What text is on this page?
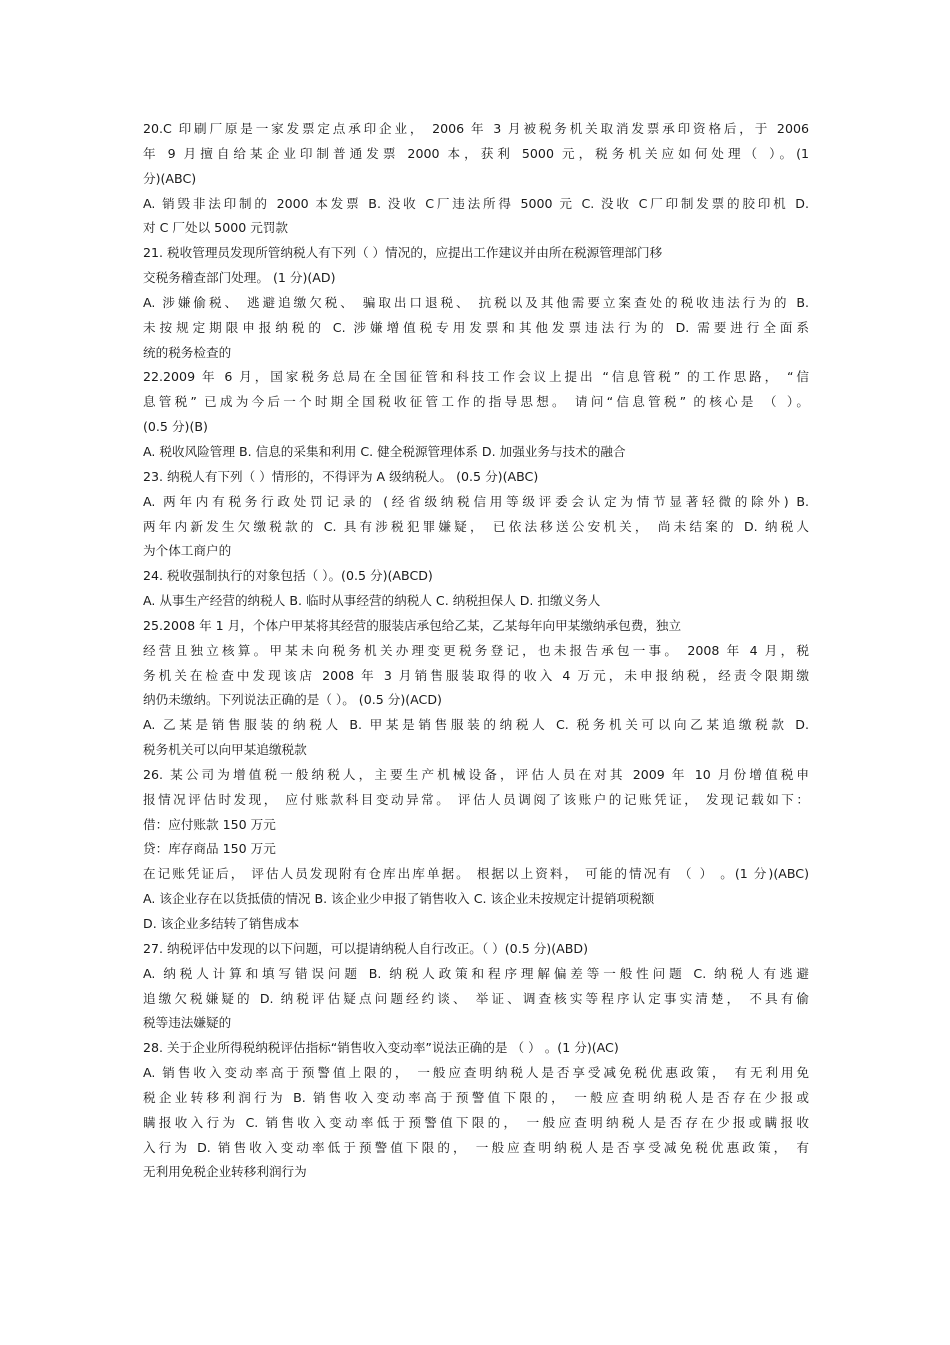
20.C 印刷厂原是一家发票定点承印企业， 2006 年 3 月被税务机关取消发票承印资格后，于 2006
年 9 月擅自给某企业印制普通发票 2000 本，获利 5000 元，税务机关应如何处理（ ）。(1
分)(ABC)
A. 销毁非法印制的 2000 本发票 B. 没收 C厂违法所得 5000 元 C. 没收 C厂印制发票的胶印机 D.
对 C 厂处以 5000 元罚款
21. 税收管理员发现所管纳税人有下列（ ）情况的，应提出工作建议并由所在税源管理部门移
交税务稽查部门处理。 (1 分)(AD)
A. 涉嫌偷税、 逃避追缴欠税、 骗取出口退税、 抗税以及其他需要立案查处的税收违法行为的 B.
未按规定期限申报纳税的 C. 涉嫌增值税专用发票和其他发票违法行为的 D. 需要进行全面系
统的税务检查的
22.2009 年 6 月，国家税务总局在全国征管和科技工作会议上提出 “信息管税” 的工作思路， “信
息管税” 已成为今后一个时期全国税收征管工作的指导思想。 请问“信息管税” 的核心是 （ ）。
(0.5 分)(B)
A. 税收风险管理 B. 信息的采集和利用 C. 健全税源管理体系 D. 加强业务与技术的融合
23. 纳税人有下列（ ）情形的，不得评为 A 级纳税人。 (0.5 分)(ABC)
A. 两年内有税务行政处罚记录的 (经省级纳税信用等级评委会认定为情节显著轻微的除外) B.
两年内新发生欠缴税款的 C. 具有涉税犯罪嫌疑， 已依法移送公安机关， 尚未结案的 D. 纳税人
为个体工商户的
24. 税收强制执行的对象包括（ ）。(0.5 分)(ABCD)
A. 从事生产经营的纳税人 B. 临时从事经营的纳税人 C. 纳税担保人 D. 扣缴义务人
25.2008 年 1 月，个体户甲某将其经营的服装店承包给乙某，乙某每年向甲某缴纳承包费，独立
经营且独立核算。甲某未向税务机关办理变更税务登记，也未报告承包一事。 2008 年 4 月，税
务机关在检查中发现该店 2008 年 3 月销售服装取得的收入 4 万元，未申报纳税，经责令限期缴
纳仍未缴纳。下列说法正确的是（ ）。 (0.5 分)(ACD)
A. 乙某是销售服装的纳税人 B. 甲某是销售服装的纳税人 C. 税务机关可以向乙某追缴税款 D.
税务机关可以向甲某追缴税款
26. 某公司为增值税一般纳税人，主要生产机械设备，评估人员在对其 2009 年 10 月份增值税申
报情况评估时发现， 应付账款科目变动异常。 评估人员调阅了该账户的记账凭证， 发现记载如下：
借：应付账款 150 万元
贷：库存商品 150 万元
在记账凭证后， 评估人员发现附有仓库出库单据。 根据以上资料， 可能的情况有 （ ） 。(1 分)(ABC)
A. 该企业存在以货抵债的情况 B. 该企业少申报了销售收入 C. 该企业未按规定计提销项税额
D. 该企业多结转了销售成本
27. 纳税评估中发现的以下问题，可以提请纳税人自行改正。（ ）(0.5 分)(ABD)
A. 纳税人计算和填写错误问题 B. 纳税人政策和程序理解偏差等一般性问题 C. 纳税人有逃避
追缴欠税嫌疑的 D. 纳税评估疑点问题经约谈、 举证、调查核实等程序认定事实清楚， 不具有偷
税等违法嫌疑的
28. 关于企业所得税纳税评估指标“销售收入变动率”说法正确的是 （ ） 。(1 分)(AC)
A. 销售收入变动率高于预警值上限的， 一般应查明纳税人是否享受减免税优惠政策， 有无利用免
税企业转移利润行为 B. 销售收入变动率高于预警值下限的， 一般应查明纳税人是否存在少报或
瞒报收入行为 C. 销售收入变动率低于预警值下限的， 一般应查明纳税人是否存在少报或瞒报收
入行为 D. 销售收入变动率低于预警值下限的， 一般应查明纳税人是否享受减免税优惠政策， 有
无利用免税企业转移利润行为
